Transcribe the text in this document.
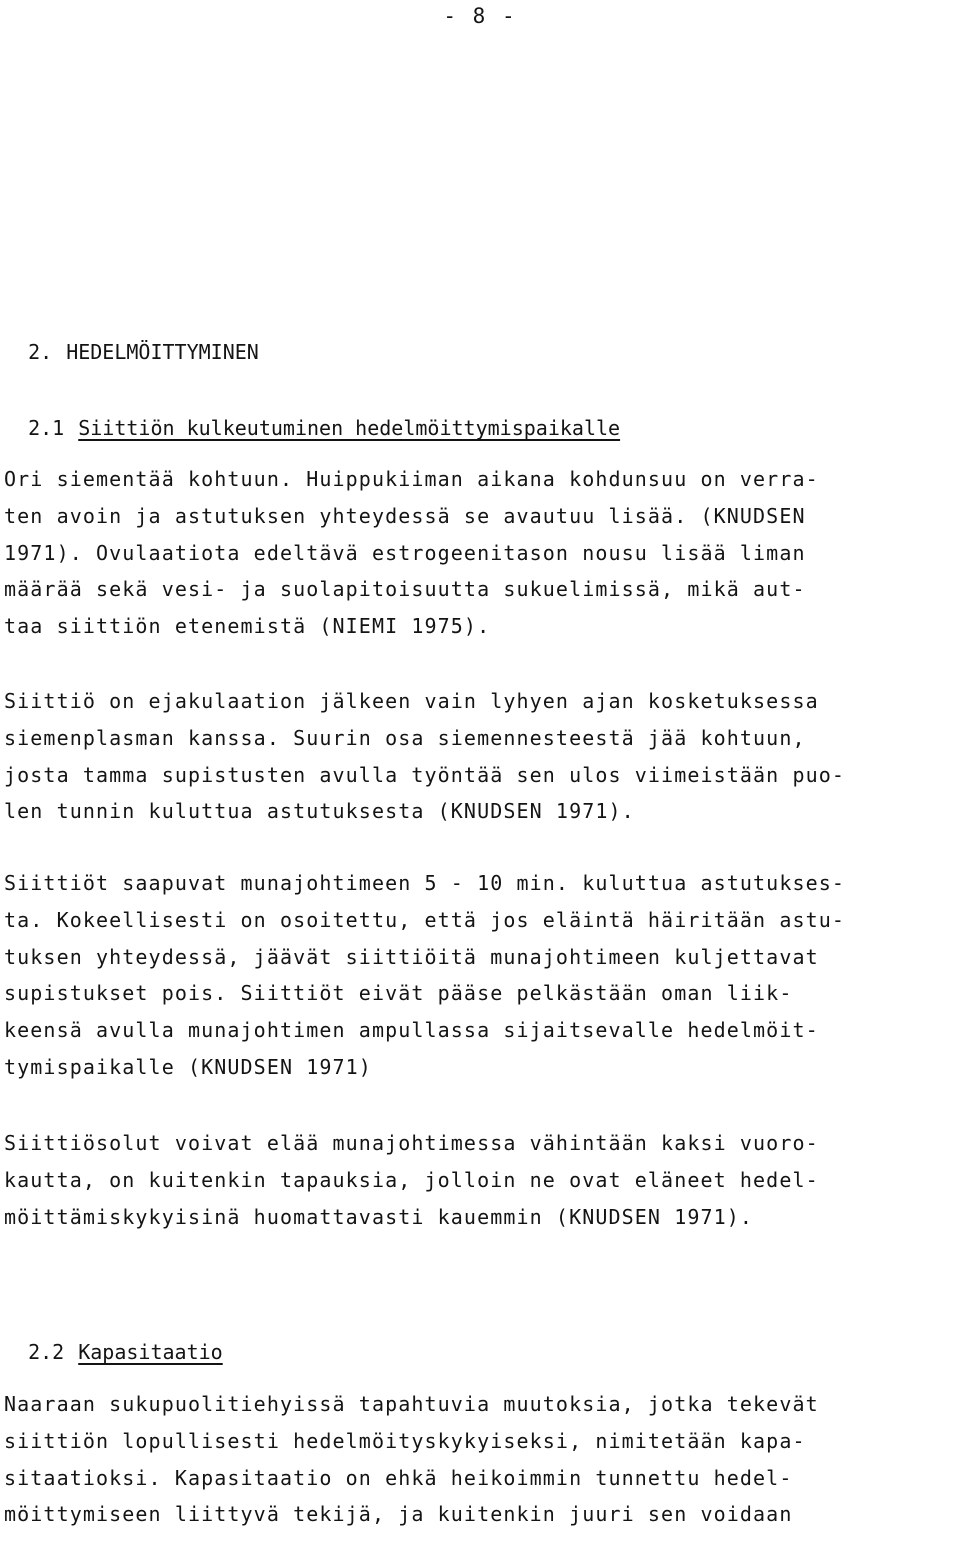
- 8 -

2. HEDELMÖITTYMINEN

2.1 Siittiön kulkeutuminen hedelmöittymispaikalle

Ori siementää kohtuun. Huippukiiman aikana kohdunsuu on verra-
ten avoin ja astutuksen yhteydessä se avautuu lisää. (KNUDSEN
1971). Ovulaatiota edeltävä estrogeenitason nousu lisää liman
määrää sekä vesi- ja suolapitoisuutta sukuelimissä, mikä aut-
taa siittiön etenemistä (NIEMI 1975).
Siittiö on ejakulaation jälkeen vain lyhyen ajan kosketuksessa
siemenplasman kanssa. Suurin osa siemennesteestä jää kohtuun,
josta tamma supistusten avulla työntää sen ulos viimeistään puo-
len tunnin kuluttua astutuksesta (KNUDSEN 1971).
Siittiöt saapuvat munajohtimeen 5 - 10 min. kuluttua astutukses-
ta. Kokeellisesti on osoitettu, että jos eläintä häiritään astu-
tuksen yhteydessä, jäävät siittiöitä munajohtimeen kuljettavat
supistukset pois. Siittiöt eivät pääse pelkästään oman liik-
keensä avulla munajohtimen ampullassa sijaitsevalle hedelmöit-
tymispaikalle (KNUDSEN 1971)
Siittiösolut voivat elää munajohtimessa vähintään kaksi vuoro-
kautta, on kuitenkin tapauksia, jolloin ne ovat eläneet hedel-
möittämiskykyisinä huomattavasti kauemmin (KNUDSEN 1971).

2.2 Kapasitaatio

Naaraan sukupuolitiehyissä tapahtuvia muutoksia, jotka tekevät
siittiön lopullisesti hedelmöityskykyiseksi, nimitetään kapa-
sitaatioksi. Kapasitaatio on ehkä heikoimmin tunnettu hedel-
möittymiseen liittyvä tekijä, ja kuitenkin juuri sen voidaan
